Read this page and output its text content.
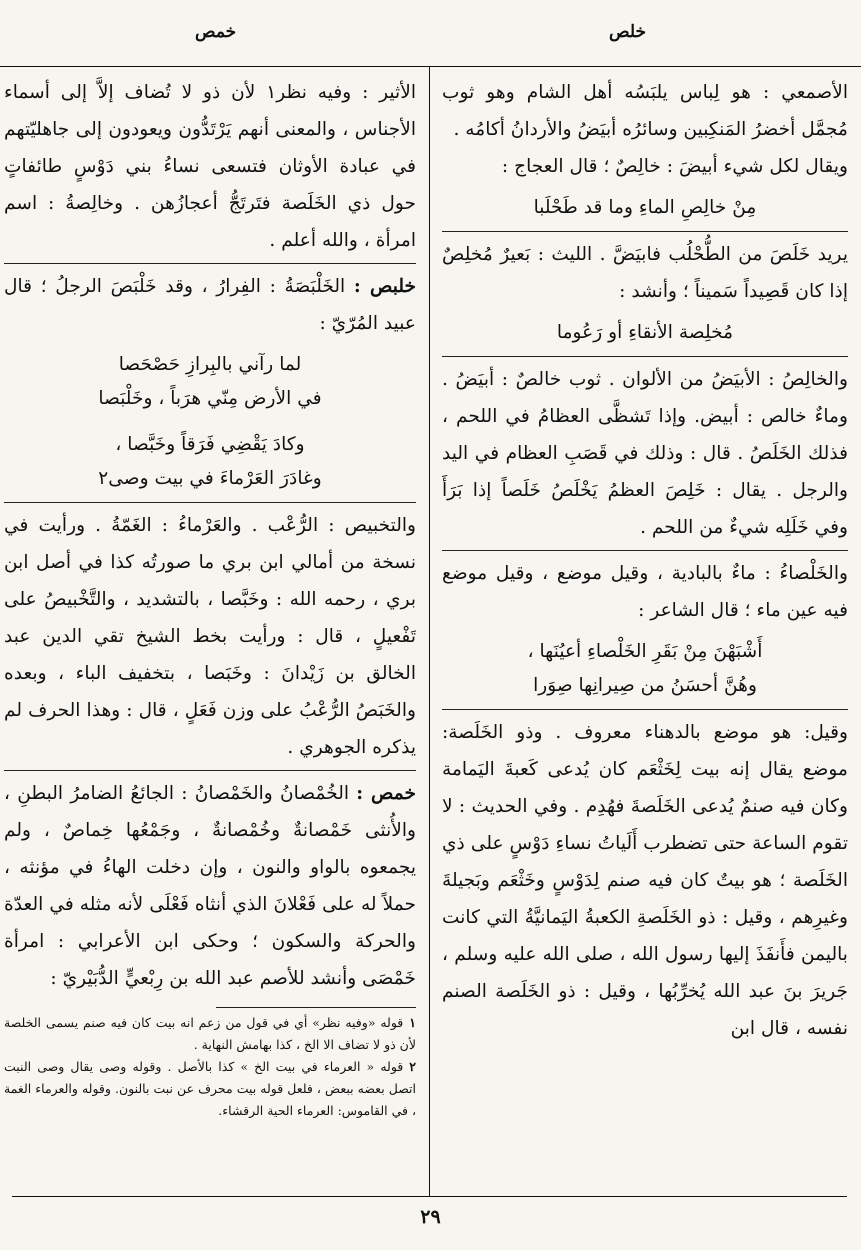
خلص
خمص

الأصمعي : هو لِباس يلبَسُه أهل الشام وهو ثوب مُجمَّل أخضرُ المَنكِبين وسائرُه أبيَضُ والأردانُ أكامُه .

ويقال لكل شيء أبيضَ : خالِصٌ ؛ قال العجاج :

مِنْ خالِصِ الماءِ وما قد طَحْلَبا

يريد خَلَصَ من الطُّحْلُب فابيَضَّ . الليث : بَعيرٌ مُخلِصٌ إذا كان قَصِيداً سَميناً ؛ وأنشد :

مُخلِصة الأنقاءِ أو رَعُوما

والخالِصُ : الأبيَضُ من الألوان . ثوب خالصٌ : أبيَضُ . وماءٌ خالص : أبيض. وإذا تَشظَّى العظامُ في اللحم ، فذلك الخَلَصُ . قال : وذلك في قَصَبِ العظام في اليد والرجل . يقال : خَلِصَ العظمُ يَخْلَصُ خَلَصاً إذا بَرَأَ وفي خَلَلِه شيءٌ من اللحم .

والخَلْصاءُ : ماءٌ بالبادية ، وقيل موضع ، وقيل موضع فيه عين ماء ؛ قال الشاعر :

أَشْبَهْنَ مِنْ بَقَرِ الخَلْصاءِ أعيُنَها ،
وهُنَّ أحسَنُ من صِيرانِها صِوَرا

وقيل: هو موضع بالدهناء معروف . وذو الخَلَصة: موضع يقال إنه بيت لِخَثْعَم كان يُدعى كَعبةَ اليَمامة وكان فيه صنمٌ يُدعى الخَلَصةَ فهُدِم . وفي الحديث : لا تقوم الساعة حتى تضطرب أَلَياتُ نساءِ دَوْسٍ على ذي الخَلَصة ؛ هو بيتٌ كان فيه صنم لِدَوْسٍ وخَثْعَم وبَجيلةَ وغيرِهم ، وقيل : ذو الخَلَصةِ الكعبةُ اليَمانيَّةُ التي كانت باليمن فأَنفَذَ إليها رسول الله ، صلى الله عليه وسلم ، جَريرَ بنَ عبد الله يُخرِّبُها ، وقيل : ذو الخَلَصة الصنم نفسه ، قال ابن

الأثير : وفيه نظر١ لأن ذو لا تُضاف إلاَّ إلى أسماء الأجناس ، والمعنى أنهم يَرْتَدُّون ويعودون إلى جاهليّتهم في عبادة الأوثان فتسعى نساءُ بني دَوْسٍ طائفاتٍ حول ذي الخَلَصة فتَرتَجُّ أعجازُهن . وخالِصةُ : اسم امرأة ، والله أعلم .

خلبص : الخَلْبَصَةُ : الفِرارُ ، وقد خَلْبَصَ الرجلُ ؛ قال عبيد المُرّيّ :

لما رآني بالبِرازِ حَصْحَصا
في الأرض مِنّي هرَباً ، وخَلْبَصا
وكادَ يَقْضِي فَرَقاً وخَبَّصا ،
وغادَرَ العَرْماءَ في بيت وصى٢

والتخبيص : الرُّعْب . والعَرْماءُ : الغَمّةُ . ورأيت في نسخة من أمالي ابن بري ما صورتُه كذا في أصل ابن بري ، رحمه الله : وخَبَّصا ، بالتشديد ، والتَّخْبيصُ على تَفْعيلٍ ، قال : ورأيت بخط الشيخ تقي الدين عبد الخالق بن زَيْدانَ : وخَبَصا ، بتخفيف الباء ، وبعده والخَبَصُ الرُّعْبُ على وزن فَعَلٍ ، قال : وهذا الحرف لم يذكره الجوهري .

خمص : الخُمْصانُ والخَمْصانُ : الجائعُ الضامرُ البطنِ ، والأُنثى خَمْصانةٌ وخُمْصانةٌ ، وجَمْعُها خِماصٌ ، ولم يجمعوه بالواو والنون ، وإن دخلت الهاءُ في مؤنثه ، حملاً له على فَعْلانَ الذي أنثاه فَعْلَى لأنه مثله في العدّة والحركة والسكون ؛ وحكى ابن الأعرابي : امرأة خَمْصَى وأنشد للأصم عبد الله بن رِبْعيٍّ الدُّبَيْريّ :

١قوله «وفيه نظر» أي في قول من زعم انه بيت كان فيه صنم يسمى الخلصة لأن ذو لا تضاف الا الخ ، كذا بهامش النهاية .

٢قوله « العرماء في بيت الخ » كذا بالأصل . وقوله وصى يقال وصى النبت اتصل بعضه ببعض ، فلعل قوله بيت محرف عن نبت بالنون. وقوله والعرماء الغمة ، في القاموس: العرماء الحية الرقشاء.

٢٩
